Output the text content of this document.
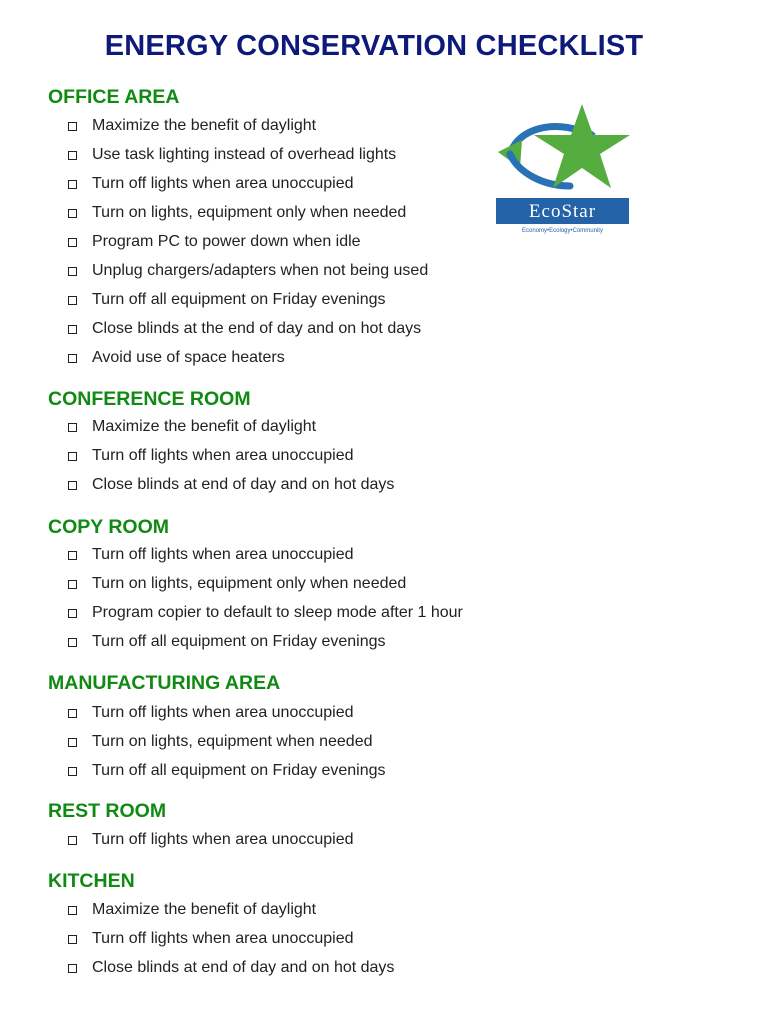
ENERGY CONSERVATION CHECKLIST
EcoStar
Economy•Ecology•Community
OFFICE AREA
Maximize the benefit of daylight
Use task lighting instead of overhead lights
Turn off lights when area unoccupied
Turn on lights, equipment only when needed
Program PC to power down when idle
Unplug chargers/adapters when not being used
Turn off all equipment on Friday evenings
Close blinds at the end of day and on hot days
Avoid use of space heaters
CONFERENCE ROOM
Maximize the benefit of daylight
Turn off lights when area unoccupied
Close blinds at end of day and on hot days
COPY ROOM
Turn off lights when area unoccupied
Turn on lights, equipment only when needed
Program copier to default to sleep mode after 1 hour
Turn off all equipment on Friday evenings
MANUFACTURING AREA
Turn off lights when area unoccupied
Turn on lights, equipment when needed
Turn off all equipment on Friday evenings
REST ROOM
Turn off lights when area unoccupied
KITCHEN
Maximize the benefit of daylight
Turn off lights when area unoccupied
Close blinds at end of day and on hot days
